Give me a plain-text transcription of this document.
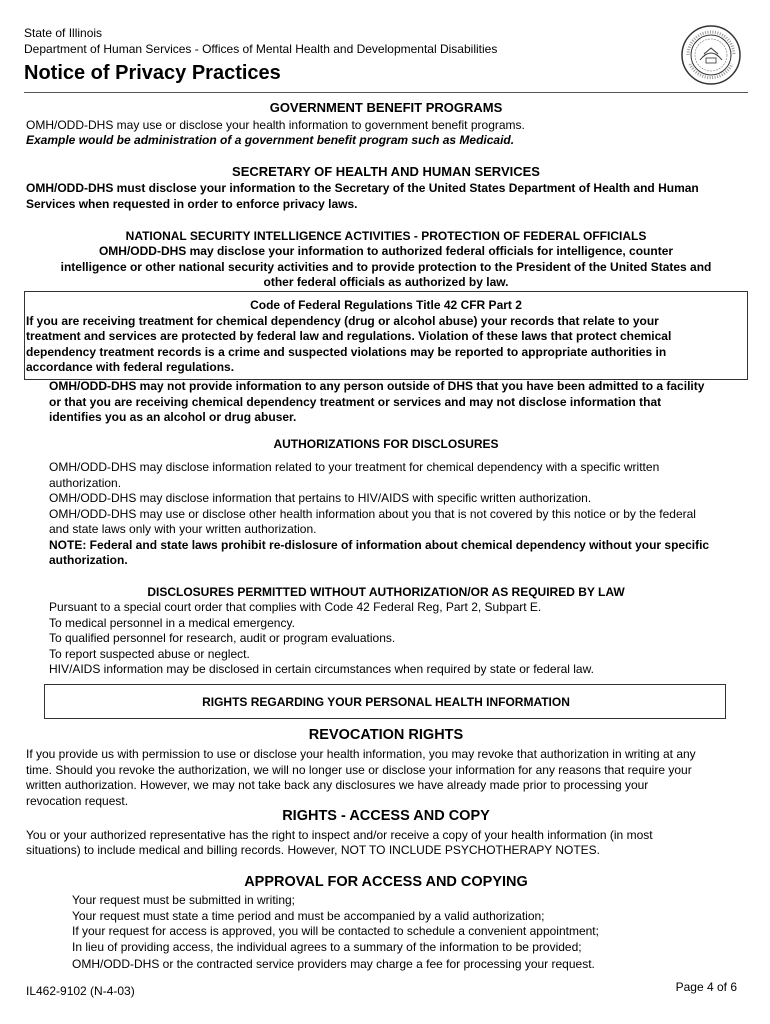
State of Illinois
Department of Human Services - Offices of Mental Health and Developmental Disabilities
Notice of Privacy Practices
GOVERNMENT BENEFIT PROGRAMS
OMH/ODD-DHS may use or disclose your health information to government benefit programs.
Example would be administration of a government benefit program such as Medicaid.
SECRETARY OF HEALTH AND HUMAN SERVICES
OMH/ODD-DHS must disclose your information to the Secretary of the United States Department of Health and Human
Services when requested in order to enforce privacy laws.
NATIONAL SECURITY INTELLIGENCE ACTIVITIES - PROTECTION OF FEDERAL OFFICIALS
OMH/ODD-DHS may disclose your information to authorized federal officials for intelligence, counter
intelligence or other national security activities and to provide protection to the President of the United States and
other federal officials as authorized by law.
Code of Federal Regulations Title 42 CFR Part 2
If you are receiving treatment for chemical dependency (drug or alcohol abuse) your records that relate to your
treatment and services are protected by federal law and regulations. Violation of these laws that protect chemical
dependency treatment records is a crime and suspected violations may be reported to appropriate authorities in
accordance with federal regulations.
OMH/ODD-DHS may not provide information to any person outside of DHS that you have been admitted to a facility
or that you are receiving chemical dependency treatment or services and may not disclose information that
identifies you as an alcohol or drug abuser.
AUTHORIZATIONS FOR DISCLOSURES
OMH/ODD-DHS may disclose information related to your treatment for chemical dependency with a specific written
authorization.
OMH/ODD-DHS may disclose information that pertains to HIV/AIDS with specific written authorization.
OMH/ODD-DHS may use or disclose other health information about you that is not covered by this notice or by the federal
and state laws only with your written authorization.
NOTE: Federal and state laws prohibit re-dislosure of information about chemical dependency without your specific
authorization.
DISCLOSURES PERMITTED WITHOUT AUTHORIZATION/OR AS REQUIRED BY LAW
Pursuant to a special court order that complies with Code 42 Federal Reg, Part 2, Subpart E.
To medical personnel in a medical emergency.
To qualified personnel for research, audit or program evaluations.
To report suspected abuse or neglect.
HIV/AIDS information may be disclosed in certain circumstances when required by state or federal law.
RIGHTS REGARDING YOUR PERSONAL HEALTH INFORMATION
REVOCATION RIGHTS
If you provide us with permission to use or disclose your health information, you may revoke that authorization in writing at any
time. Should you revoke the authorization, we will no longer use or disclose your information for any reasons that require your
written authorization. However, we may not take back any disclosures we have already made prior to processing your
revocation request.
RIGHTS - ACCESS AND COPY
You or your authorized representative has the right to inspect and/or receive a copy of your health information (in most
situations) to include medical and billing records. However, NOT TO INCLUDE PSYCHOTHERAPY NOTES.
APPROVAL FOR ACCESS AND COPYING
Your request must be submitted in writing;
Your request must state a time period and must be accompanied by a valid authorization;
If your request for access is approved, you will be contacted to schedule a convenient appointment;
In lieu of providing access, the individual agrees to a summary of the information to be provided;
OMH/ODD-DHS or the contracted service providers may charge a fee for processing your request.
IL462-9102 (N-4-03)	Page 4 of 6
